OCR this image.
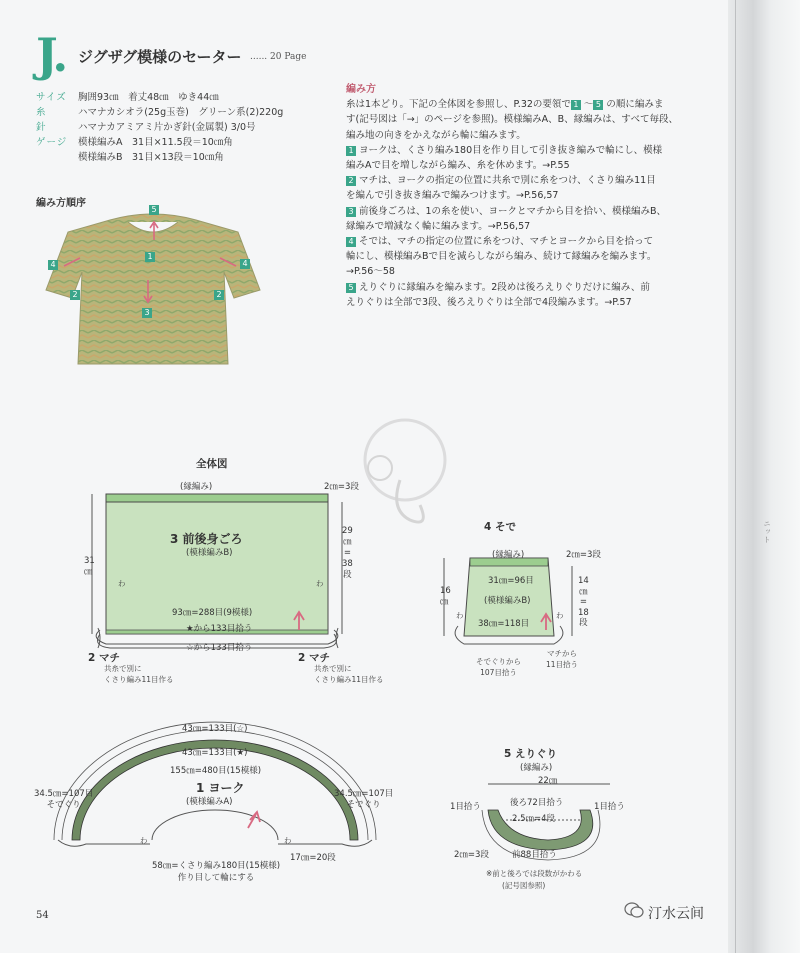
ニット
J. ジグザグ模様のセーター ...... 20 Page
サイズ 胸囲93㎝　着丈48㎝　ゆき44㎝
糸	ハマナカシオラ(25g玉巻)　グリーン系(2)220g
針	ハマナカアミアミ片かぎ針(金属製) 3/0号
ゲージ 模様編みA　31目×11.5段＝10㎝角
模様編みB　31目×13段＝10㎝角
編み方順序
5
1
4	4
2	2
3
編み方
糸は1本どり。下記の全体図を参照し、P.32の要領で 1 〜 5 の順に編みま
す(記号図は「→」のページを参照)。模様編みA、B、縁編みは、すべて毎段、
編み地の向きをかえながら輪に編みます。
1 ヨークは、くさり編み180目を作り目して引き抜き編みで輪にし、模様
編みAで目を増しながら編み、糸を休めます。→P.55
2 マチは、ヨークの指定の位置に共糸で別に糸をつけ、くさり編み11目
を編んで引き抜き編みで編みつけます。→P.56,57
3 前後身ごろは、1の糸を使い、ヨークとマチから目を拾い、模様編みB、
縁編みで増減なく輪に編みます。→P.56,57
4 そでは、マチの指定の位置に糸をつけ、マチとヨークから目を拾って
輪にし、模様編みBで目を減らしながら編み、続けて縁編みを編みます。
→P.56〜58
5 えりぐりに縁編みを編みます。2段めは後ろえりぐりだけに編み、前
えりぐりは全部で3段、後ろえりぐりは全部で4段編みます。→P.57
全体図
(縁編み)	2㎝=3段
3 前後身ごろ
(模様編みB)
31
㎝
29
㎝
=
38
段
わ	わ
93㎝=288目(9模様)
★から133目拾う
☆から133目拾う
2 マチ
共糸で別に
くさり編み11目作る
2 マチ
共糸で別に
くさり編み11目作る
4 そで
(縁編み)	2㎝=3段
31㎝=96目
(模様編みB)
38㎝=118目
16
㎝
14
㎝
=
18
段
わ	わ
そでぐりから
107目拾う
マチから
11目拾う
43㎝=133目(☆)
43㎝=133目(★)
155㎝=480目(15模様)
34.5㎝=107目
そでぐり
34.5㎝=107目
そでぐり
1 ヨーク
(模様編みA)
わ	わ
58㎝=くさり編み180目(15模様)
作り目して輪にする
17㎝=20段
5 えりぐり
(縁編み)
22㎝
後ろ72目拾う
1目拾う	1目拾う
2.5㎝=4段
2㎝=3段	前88目拾う
※前と後ろでは段数がかわる
(記号図参照)
54	汀水云间
